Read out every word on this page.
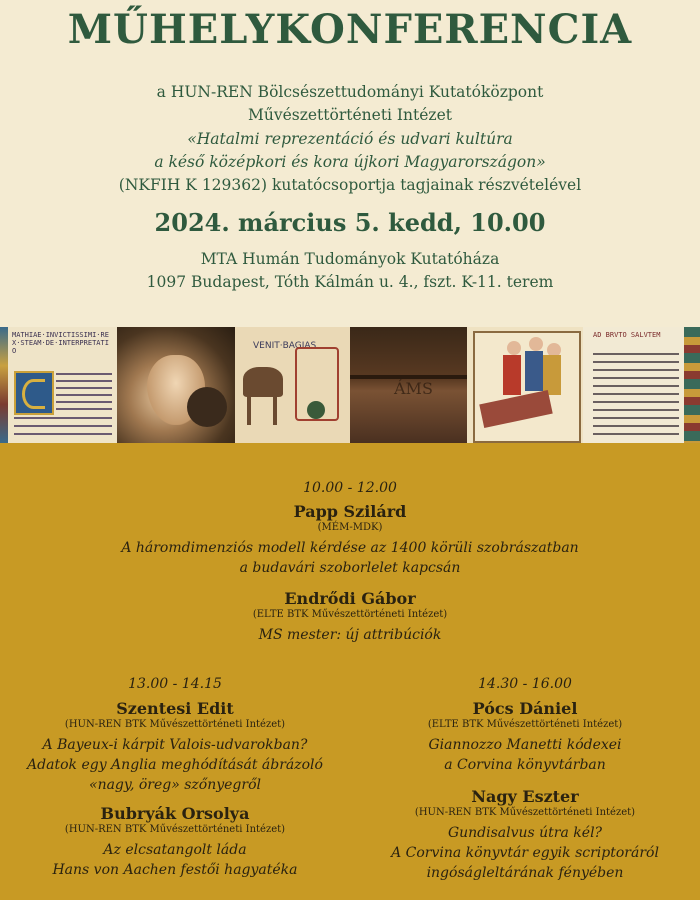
MŰHELYKONFERENCIA
a HUN-REN Bölcsészettudományi Kutatóközpont
Művészettörténeti Intézet
«Hatalmi reprezentáció és udvari kultúra
a késő középkori és kora újkori Magyarországon»
(NKFIH K 129362) kutatócsoportja tagjainak részvételével
2024. március 5. kedd, 10.00
MTA Humán Tudományok Kutatóháza
1097 Budapest, Tóth Kálmán u. 4., fszt. K-11. terem
MATHIAE·INVICTISSIMI·REX·STEAM·DE·INTERPRETATIO	VENIT·BAGIAS
ÁMS
AD BRVTO SALVTEM
10.00 - 12.00
Papp Szilárd
(MÉM-MDK)
A háromdimenziós modell kérdése az 1400 körüli szobrászatban
a budavári szoborlelet kapcsán
Endrődi Gábor
(ELTE BTK Művészettörténeti Intézet)
MS mester: új attribúciók
13.00 - 14.15
Szentesi Edit
(HUN-REN BTK Művészettörténeti Intézet)
A Bayeux-i kárpit Valois-udvarokban?
Adatok egy Anglia meghódítását ábrázoló
«nagy, öreg» szőnyegről
Bubryák Orsolya
(HUN-REN BTK Művészettörténeti Intézet)
Az elcsatangolt láda
Hans von Aachen festői hagyatéka
14.30 - 16.00
Pócs Dániel
(ELTE BTK Művészettörténeti Intézet)
Giannozzo Manetti kódexei
a Corvina könyvtárban
Nagy Eszter
(HUN-REN BTK Művészettörténeti Intézet)
Gundisalvus útra kél?
A Corvina könyvtár egyik scriptoráról
ingóságleltárának fényében
